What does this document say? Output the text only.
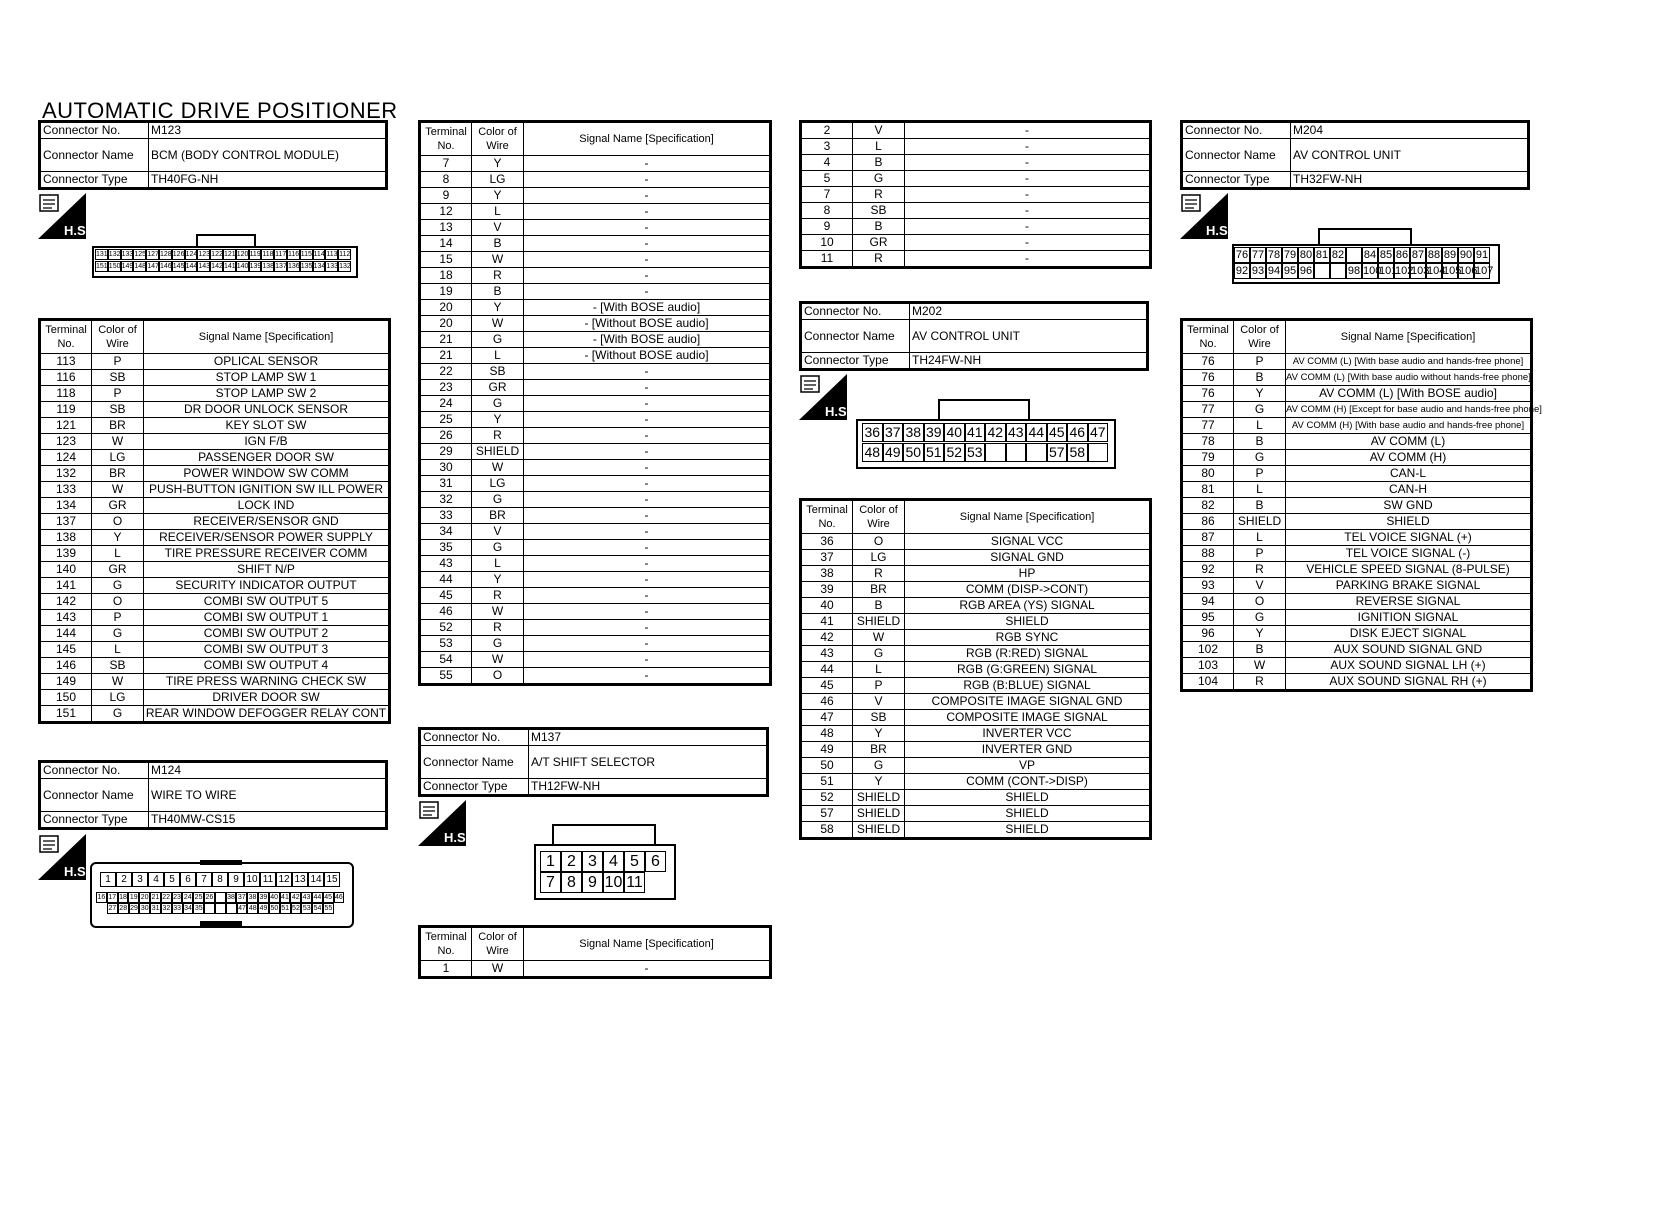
AUTOMATIC DRIVE POSITIONER
Connector No.	M123
Connector Name	BCM (BODY CONTROL MODULE)
Connector Type	TH40FG-NH
Connector No.	M124
Connector Name	WIRE TO WIRE
Connector Type	TH40MW-CS15
Connector No.	M137
Connector Name	A/T SHIFT SELECTOR
Connector Type	TH12FW-NH
Connector No.	M202
Connector Name	AV CONTROL UNIT
Connector Type	TH24FW-NH
Connector No.	M204
Connector Name	AV CONTROL UNIT
Connector Type	TH32FW-NH
H.S.
H.S.
H.S.
H.S.
H.S.
131 132 133 125 127 128 126 124 123 122 121 120 119 118 117 116 115 114 113 112
151 150 149 148 147 146 145 144 143 142 141 140 139 138 137 136 135 134 133 132
1	2	3	4	5	6	7	8	9 10 11 12 13 14 15
16 17 18 19 20 21 22 23 24 25 26 38 37 38 39 40 41 42 43 44 45 46
27 28 29 30 31 32 33 34 35	47 48 49 50 51 52 53 54 55
1 2 3 4 5 6
7 8 9 10 11
36 37 38 39 40 41 42 43 44 45 46 47
48 49 50 51 52 53	57 58
76 77 78 79 80 81 82 84 85 86 87 88 89 90 91
92 93 94 95 96	98 100
101
102
103
104
105
106
107
Terminal No.	Color of Wire	Signal Name [Specification]
113	P	OPLICAL SENSOR
116	SB	STOP LAMP SW 1
118	P	STOP LAMP SW 2
119	SB	DR DOOR UNLOCK SENSOR
121	BR	KEY SLOT SW
123	W	IGN F/B
124	LG	PASSENGER DOOR SW
132	BR	POWER WINDOW SW COMM
133	W	PUSH-BUTTON IGNITION SW ILL POWER
134	GR	LOCK IND
137	O	RECEIVER/SENSOR GND
138	Y	RECEIVER/SENSOR POWER SUPPLY
139	L	TIRE PRESSURE RECEIVER COMM
140	GR	SHIFT N/P
141	G	SECURITY INDICATOR OUTPUT
142	O	COMBI SW OUTPUT 5
143	P	COMBI SW OUTPUT 1
144	G	COMBI SW OUTPUT 2
145	L	COMBI SW OUTPUT 3
146	SB	COMBI SW OUTPUT 4
149	W	TIRE PRESS WARNING CHECK SW
150	LG	DRIVER DOOR SW
151	G	REAR WINDOW DEFOGGER RELAY CONT
Terminal No.	Color of Wire	Signal Name [Specification]
7	Y	-
8	LG	-
9	Y	-
12	L	-
13	V	-
14	B	-
15	W	-
18	R	-
19	B	-
20	Y	- [With BOSE audio]
20	W	- [Without BOSE audio]
21	G	- [With BOSE audio]
21	L	- [Without BOSE audio]
22	SB	-
23	GR	-
24	G	-
25	Y	-
26	R	-
29	SHIELD	-
30	W	-
31	LG	-
32	G	-
33	BR	-
34	V	-
35	G	-
43	L	-
44	Y	-
45	R	-
46	W	-
52	R	-
53	G	-
54	W	-
55	O	-
Terminal No.	Color of Wire	Signal Name [Specification]
1	W	-
2	V	-
3	L	-
4	B	-
5	G	-
7	R	-
8	SB	-
9	B	-
10	GR	-
11	R	-
Terminal No.	Color of Wire	Signal Name [Specification]
36	O	SIGNAL VCC
37	LG	SIGNAL GND
38	R	HP
39	BR	COMM (DISP->CONT)
40	B	RGB AREA (YS) SIGNAL
41	SHIELD	SHIELD
42	W	RGB SYNC
43	G	RGB (R:RED) SIGNAL
44	L	RGB (G:GREEN) SIGNAL
45	P	RGB (B:BLUE) SIGNAL
46	V	COMPOSITE IMAGE SIGNAL GND
47	SB	COMPOSITE IMAGE SIGNAL
48	Y	INVERTER VCC
49	BR	INVERTER GND
50	G	VP
51	Y	COMM (CONT->DISP)
52	SHIELD	SHIELD
57	SHIELD	SHIELD
58	SHIELD	SHIELD
Terminal No.	Color of Wire	Signal Name [Specification]
76	P	AV COMM (L) [With base audio and hands-free phone]
76	B	AV COMM (L) [With base audio without hands-free phone]
76	Y	AV COMM (L) [With BOSE audio]
77	G	AV COMM (H) [Except for base audio and hands-free phone]
77	L	AV COMM (H) [With base audio and hands-free phone]
78	B	AV COMM (L)
79	G	AV COMM (H)
80	P	CAN-L
81	L	CAN-H
82	B	SW GND
86	SHIELD	SHIELD
87	L	TEL VOICE SIGNAL (+)
88	P	TEL VOICE SIGNAL (-)
92	R	VEHICLE SPEED SIGNAL (8-PULSE)
93	V	PARKING BRAKE SIGNAL
94	O	REVERSE SIGNAL
95	G	IGNITION SIGNAL
96	Y	DISK EJECT SIGNAL
102	B	AUX SOUND SIGNAL GND
103	W	AUX SOUND SIGNAL LH (+)
104	R	AUX SOUND SIGNAL RH (+)
